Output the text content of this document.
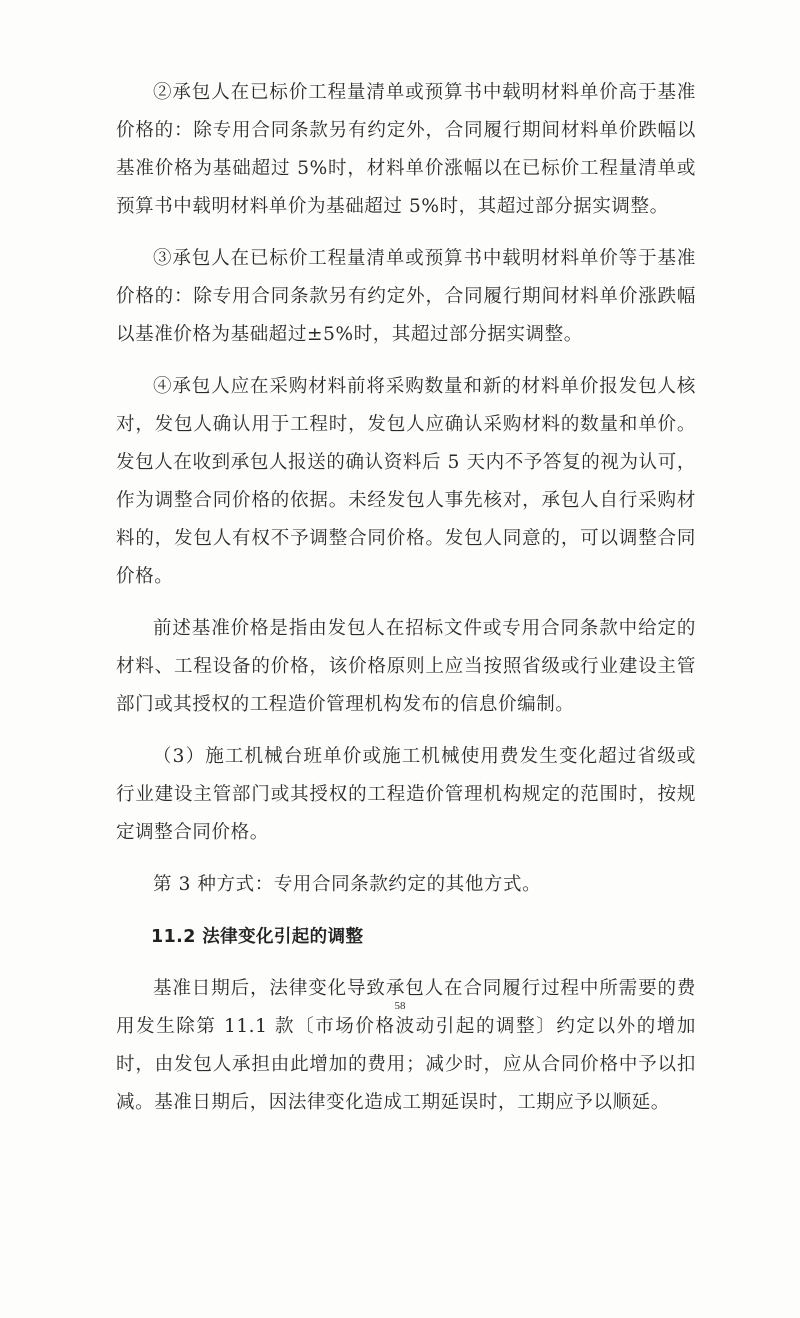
②承包人在已标价工程量清单或预算书中载明材料单价高于基准价格的：除专用合同条款另有约定外，合同履行期间材料单价跌幅以基准价格为基础超过 5%时，材料单价涨幅以在已标价工程量清单或预算书中载明材料单价为基础超过 5%时，其超过部分据实调整。

③承包人在已标价工程量清单或预算书中载明材料单价等于基准价格的：除专用合同条款另有约定外，合同履行期间材料单价涨跌幅以基准价格为基础超过±5%时，其超过部分据实调整。

④承包人应在采购材料前将采购数量和新的材料单价报发包人核对，发包人确认用于工程时，发包人应确认采购材料的数量和单价。发包人在收到承包人报送的确认资料后 5 天内不予答复的视为认可，作为调整合同价格的依据。未经发包人事先核对，承包人自行采购材料的，发包人有权不予调整合同价格。发包人同意的，可以调整合同价格。

前述基准价格是指由发包人在招标文件或专用合同条款中给定的材料、工程设备的价格，该价格原则上应当按照省级或行业建设主管部门或其授权的工程造价管理机构发布的信息价编制。

（3）施工机械台班单价或施工机械使用费发生变化超过省级或行业建设主管部门或其授权的工程造价管理机构规定的范围时，按规定调整合同价格。

第 3 种方式：专用合同条款约定的其他方式。

11.2 法律变化引起的调整

基准日期后，法律变化导致承包人在合同履行过程中所需要的费用发生除第 11.1 款〔市场价格波动引起的调整〕约定以外的增加时，由发包人承担由此增加的费用；减少时，应从合同价格中予以扣减。基准日期后，因法律变化造成工期延误时，工期应予以顺延。

58
